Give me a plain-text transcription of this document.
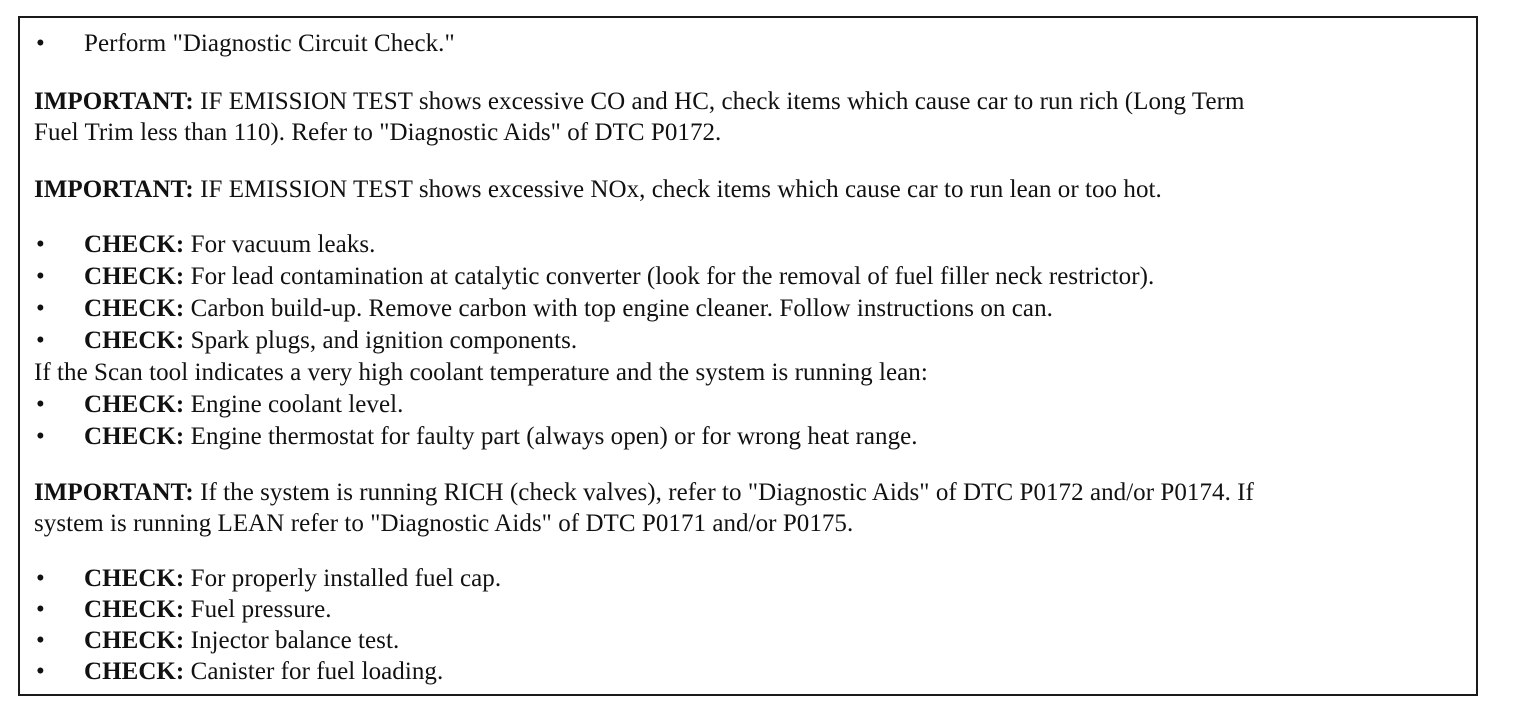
• Perform "Diagnostic Circuit Check."
IMPORTANT: IF EMISSION TEST shows excessive CO and HC, check items which cause car to run rich (Long Term
Fuel Trim less than 110). Refer to "Diagnostic Aids" of DTC P0172.
IMPORTANT: IF EMISSION TEST shows excessive NOx, check items which cause car to run lean or too hot.
• CHECK: For vacuum leaks.
• CHECK: For lead contamination at catalytic converter (look for the removal of fuel filler neck restrictor).
• CHECK: Carbon build-up. Remove carbon with top engine cleaner. Follow instructions on can.
• CHECK: Spark plugs, and ignition components.
If the Scan tool indicates a very high coolant temperature and the system is running lean:
• CHECK: Engine coolant level.
• CHECK: Engine thermostat for faulty part (always open) or for wrong heat range.
IMPORTANT: If the system is running RICH (check valves), refer to "Diagnostic Aids" of DTC P0172 and/or P0174. If
system is running LEAN refer to "Diagnostic Aids" of DTC P0171 and/or P0175.
• CHECK: For properly installed fuel cap.
• CHECK: Fuel pressure.
• CHECK: Injector balance test.
• CHECK: Canister for fuel loading.
